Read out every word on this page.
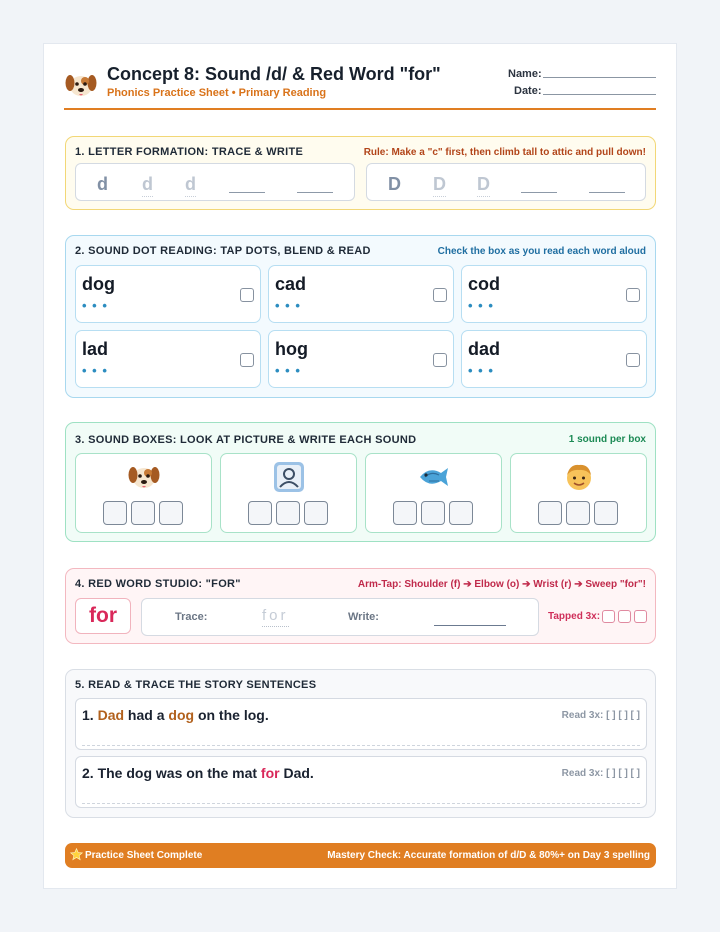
Concept 8: Sound /d/ & Red Word "for"
Phonics Practice Sheet • Primary Reading
Name:
Date:
1. LETTER FORMATION: TRACE & WRITE	Rule: Make a "c" first, then climb tall to attic and pull down!
d d d	D D D
2. SOUND DOT READING: TAP DOTS, BLEND & READ	Check the box as you read each word aloud
dog
• • •
cad
• • •
cod
• • •
lad
• • •
hog
• • •
dad
• • •
3. SOUND BOXES: LOOK AT PICTURE & WRITE EACH SOUND	1 sound per box
4. RED WORD STUDIO: "FOR"	Arm-Tap: Shoulder (f) ➔ Elbow (o) ➔ Wrist (r) ➔ Sweep "for"!
for	Trace:	for	Write:	Tapped 3x:
5. READ & TRACE THE STORY SENTENCES
1. Dad had a dog on the log.	Read 3x: [ ] [ ] [ ]
2. The dog was on the mat for Dad.	Read 3x: [ ] [ ] [ ]
Practice Sheet Complete	Mastery Check: Accurate formation of d/D & 80%+ on Day 3 spelling
